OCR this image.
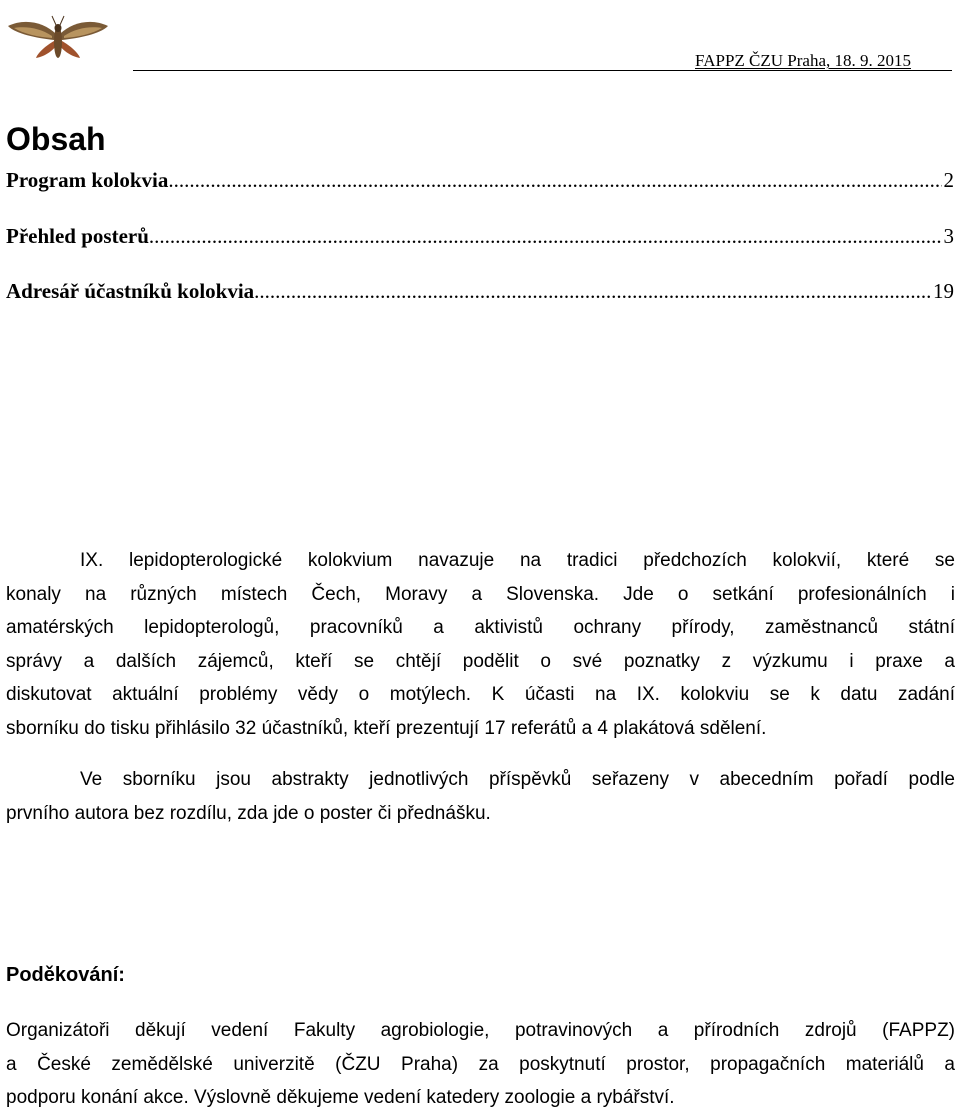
FAPPZ ČZU Praha, 18. 9. 2015
Obsah
Program kolokvia .....	2
Přehled posterů .....	3
Adresář účastníků kolokvia .....	19
IX. lepidopterologické kolokvium navazuje na tradici předchozích kolokvií, které se
konaly na různých místech Čech, Moravy a Slovenska. Jde o setkání profesionálních i
amatérských lepidopterologů, pracovníků a aktivistů ochrany přírody, zaměstnanců státní
správy a dalších zájemců, kteří se chtějí podělit o své poznatky z výzkumu i praxe a
diskutovat aktuální problémy vědy o motýlech. K účasti na IX. kolokviu se k datu zadání
sborníku do tisku přihlásilo 32 účastníků, kteří prezentují 17 referátů a 4 plakátová sdělení.
Ve sborníku jsou abstrakty jednotlivých příspěvků seřazeny v abecedním pořadí podle
prvního autora bez rozdílu, zda jde o poster či přednášku.
Poděkování:
Organizátoři děkují vedení Fakulty agrobiologie, potravinových a přírodních zdrojů (FAPPZ)
a České zemědělské univerzitě (ČZU Praha) za poskytnutí prostor, propagačních materiálů a
podporu konání akce. Výslovně děkujeme vedení katedery zoologie a rybářství.
